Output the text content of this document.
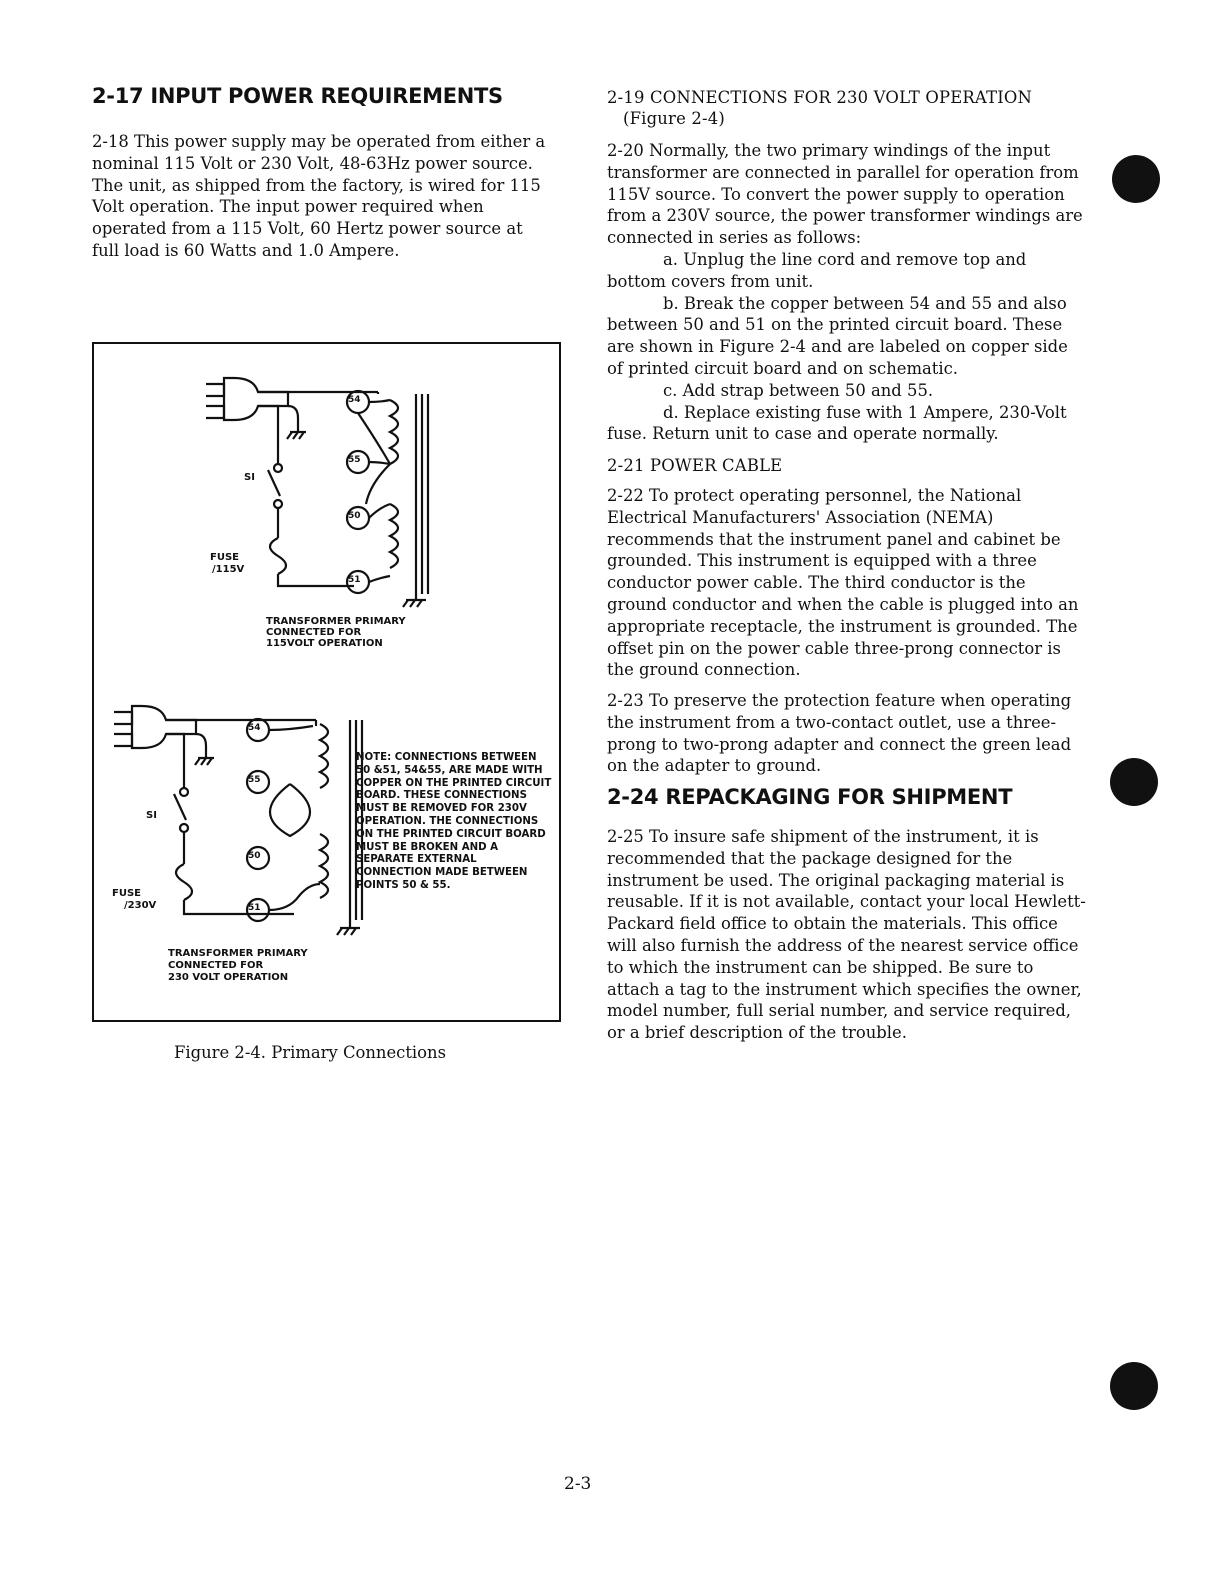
2-17 INPUT POWER REQUIREMENTS

2-18 This power supply may be operated from either a nominal 115 Volt or 230 Volt, 48-63Hz power source. The unit, as shipped from the factory, is wired for 115 Volt operation. The input power required when operated from a 115 Volt, 60 Hertz power source at full load is 60 Watts and 1.0 Ampere.

54
55
50
51
SI
FUSE
/115V
TRANSFORMER PRIMARY
CONNECTED FOR
115VOLT OPERATION
54
55
50
51
SI
FUSE
/230V

NOTE: CONNECTIONS BETWEEN 50 &51, 54&55, ARE MADE WITH COPPER ON THE PRINTED CIRCUIT BOARD. THESE CONNECTIONS MUST BE REMOVED FOR 230V OPERATION. THE CONNECTIONS ON THE PRINTED CIRCUIT BOARD MUST BE BROKEN AND A SEPARATE EXTERNAL CONNECTION MADE BETWEEN POINTS 50 & 55.

TRANSFORMER PRIMARY
CONNECTED FOR
230 VOLT OPERATION
Figure 2-4. Primary Connections
2-19 CONNECTIONS FOR 230 VOLT OPERATION
(Figure 2-4)

2-20 Normally, the two primary windings of the input transformer are connected in parallel for operation from 115V source. To convert the power supply to operation from a 230V source, the power transformer windings are connected in series as follows:

a. Unplug the line cord and remove top and bottom covers from unit.

b. Break the copper between 54 and 55 and also between 50 and 51 on the printed circuit board. These are shown in Figure 2-4 and are labeled on copper side of printed circuit board and on schematic.

c. Add strap between 50 and 55.

d. Replace existing fuse with 1 Ampere, 230-Volt fuse. Return unit to case and operate normally.

2-21 POWER CABLE

2-22 To protect operating personnel, the National Electrical Manufacturers' Association (NEMA) recommends that the instrument panel and cabinet be grounded. This instrument is equipped with a three conductor power cable. The third conductor is the ground conductor and when the cable is plugged into an appropriate receptacle, the instrument is grounded. The offset pin on the power cable three-prong connector is the ground connection.

2-23 To preserve the protection feature when operating the instrument from a two-contact outlet, use a three-prong to two-prong adapter and connect the green lead on the adapter to ground.

2-24 REPACKAGING FOR SHIPMENT

2-25 To insure safe shipment of the instrument, it is recommended that the package designed for the instrument be used. The original packaging material is reusable. If it is not available, contact your local Hewlett-Packard field office to obtain the materials. This office will also furnish the address of the nearest service office to which the instrument can be shipped. Be sure to attach a tag to the instrument which specifies the owner, model number, full serial number, and service required, or a brief description of the trouble.

2-3
